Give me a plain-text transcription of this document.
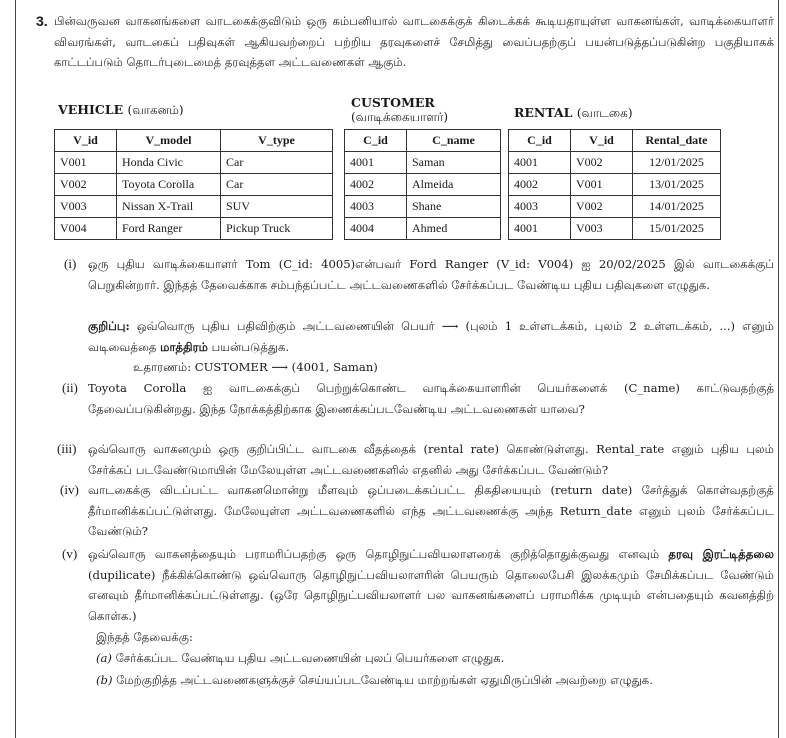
3. பின்வருவன வாகனங்களை வாடகைக்குவிடும் ஒரு கம்பனியால் வாடகைக்குக் கிடைக்கக் கூடியதாயுள்ள வாகனங்கள், வாடிக்கையாளர் விவரங்கள், வாடகைப் பதிவுகள் ஆகியவற்றைப் பற்றிய தரவுகளைச் சேமித்து வைப்பதற்குப் பயன்படுத்தப்படுகின்ற பகுதியாகக் காட்டப்படும் தொடர்புடைமைத் தரவுத்தள அட்டவணைகள் ஆகும்.
VEHICLE (வாகனம்)
V_id	V_model	V_type
V001	Honda Civic	Car
V002	Toyota Corolla	Car
V003	Nissan X-Trail	SUV
V004	Ford Ranger	Pickup Truck
CUSTOMER
(வாடிக்கையாளர்)
C_id	C_name
4001	Saman
4002	Almeida
4003	Shane
4004	Ahmed
RENTAL (வாடகை)
C_id	V_id	Rental_date
4001	V002	12/01/2025
4002	V001	13/01/2025
4003	V002	14/01/2025
4001	V003	15/01/2025
(i) ஒரு புதிய வாடிக்கையாளர் Tom (C_id: 4005)என்பவர் Ford Ranger (V_id: V004) ஐ 20/02/2025 இல் வாடகைக்குப் பெறுகின்றார். இந்தத் தேவைக்காக சம்பந்தப்பட்ட அட்டவணைகளில் சேர்க்கப்பட வேண்டிய புதிய பதிவுகளை எழுதுக.
குறிப்பு: ஒவ்வொரு புதிய பதிவிற்கும் அட்டவணையின் பெயர் ⟶ (புலம் 1 உள்ளடக்கம், புலம் 2 உள்ளடக்கம், ...) எனும் வடிவைத்தை மாத்திரம் பயன்படுத்துக.
உதாரணம்: CUSTOMER ⟶ (4001, Saman)
(ii) Toyota Corolla ஐ வாடகைக்குப் பெற்றுக்கொண்ட வாடிக்கையாளரின் பெயர்களைக் (C_name) காட்டுவதற்குத் தேவைப்படுகின்றது. இந்த நோக்கத்திற்காக இணைக்கப்படவேண்டிய அட்டவணைகள் யாவை?
(iii) ஒவ்வொரு வாகனமும் ஒரு குறிப்பிட்ட வாடகை வீதத்தைக் (rental rate) கொண்டுள்ளது. Rental_rate எனும் புதிய புலம் சேர்க்கப் படவேண்டுமாயின் மேலேயுள்ள அட்டவணைகளில் எதனில் அது சேர்க்கப்பட வேண்டும்?
(iv) வாடகைக்கு விடப்பட்ட வாகனமொன்று மீளவும் ஒப்படைக்கப்பட்ட திகதியையும் (return date) சேர்த்துக் கொள்வதற்குத் தீர்மானிக்கப்பட்டுள்ளது. மேலேயுள்ள அட்டவணைகளில் எந்த அட்டவணைக்கு அந்த Return_date எனும் புலம் சேர்க்கப்பட வேண்டும்?
(v) ஒவ்வொரு வாகனத்தையும் பராமரிப்பதற்கு ஒரு தொழிநுட்பவியலாளரைக் குறித்தொதுக்குவது எனவும் தரவு இரட்டித்தலை (dupilicate) நீக்கிக்கொண்டு ஒவ்வொரு தொழிநுட்பவியலாளரின் பெயரும் தொலைபேசி இலக்கமும் சேமிக்கப்பட வேண்டும் எனவும் தீர்மானிக்கப்பட்டுள்ளது. (ஒரே தொழிநுட்பவியலாளர் பல வாகனங்களைப் பராமரிக்க முடியும் என்பதையும் கவனத்திற் கொள்க.)
இந்தத் தேவைக்கு:
(a) சேர்க்கப்பட வேண்டிய புதிய அட்டவணையின் புலப் பெயர்களை எழுதுக.
(b) மேற்குறித்த அட்டவணைகளுக்குச் செய்யப்படவேண்டிய மாற்றங்கள் ஏதுமிருப்பின் அவற்றை எழுதுக.
